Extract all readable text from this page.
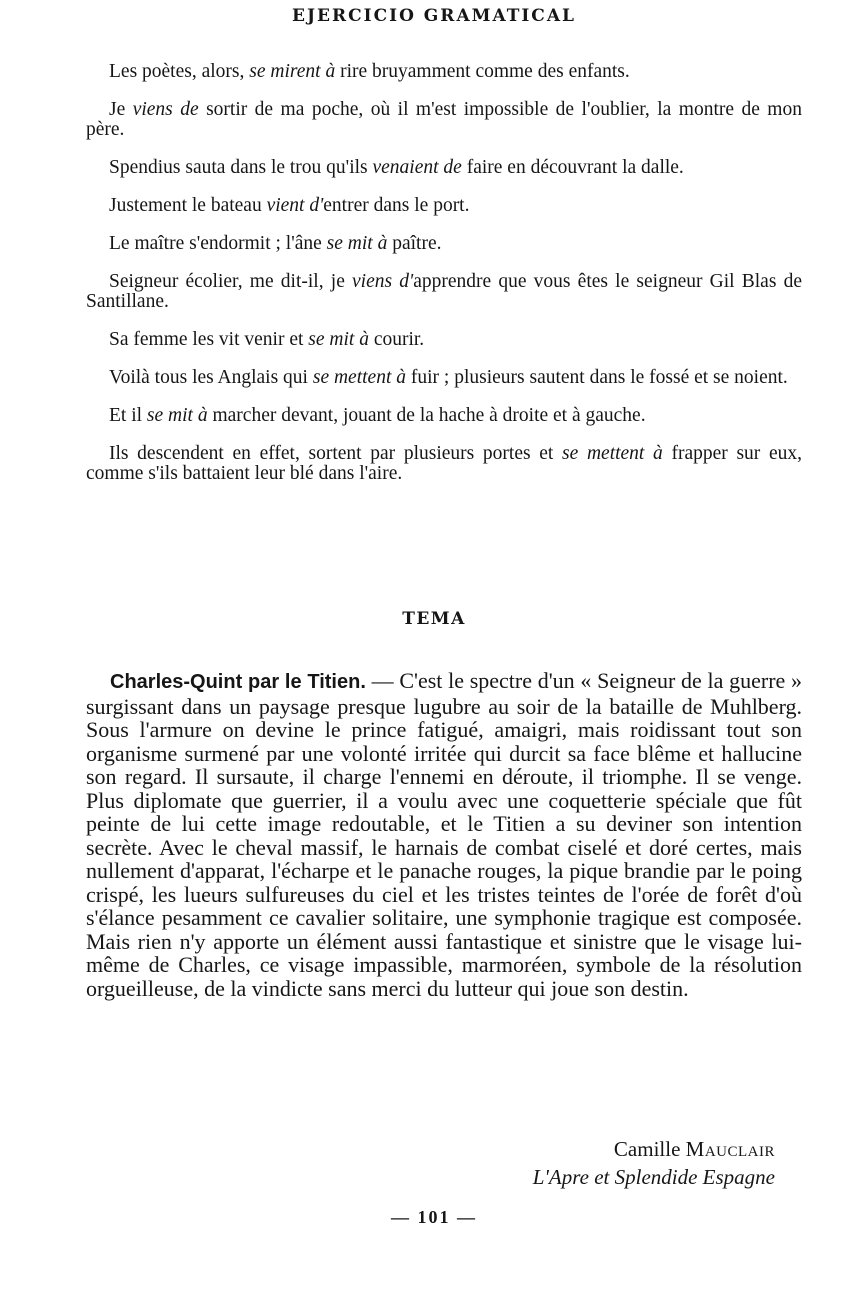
EJERCICIO GRAMATICAL

Les poètes, alors, se mirent à rire bruyamment comme des enfants.

Je viens de sortir de ma poche, où il m'est impossible de l'oublier, la montre de mon père.

Spendius sauta dans le trou qu'ils venaient de faire en découvrant la dalle.

Justement le bateau vient d'entrer dans le port.

Le maître s'endormit ; l'âne se mit à paître.

Seigneur écolier, me dit-il, je viens d'apprendre que vous êtes le seigneur Gil Blas de Santillane.

Sa femme les vit venir et se mit à courir.

Voilà tous les Anglais qui se mettent à fuir ; plusieurs sautent dans le fossé et se noient.

Et il se mit à marcher devant, jouant de la hache à droite et à gauche.

Ils descendent en effet, sortent par plusieurs portes et se mettent à frapper sur eux, comme s'ils battaient leur blé dans l'aire.

TEMA

Charles-Quint par le Titien. — C'est le spectre d'un « Seigneur de la guerre » surgissant dans un paysage presque lugubre au soir de la bataille de Muhlberg. Sous l'armure on devine le prince fatigué, amaigri, mais roidissant tout son organisme surmené par une volonté irritée qui durcit sa face blême et hallucine son regard. Il sursaute, il charge l'ennemi en déroute, il triomphe. Il se venge. Plus diplomate que guerrier, il a voulu avec une coquetterie spéciale que fût peinte de lui cette image redoutable, et le Titien a su deviner son intention secrète. Avec le cheval massif, le harnais de combat ciselé et doré certes, mais nullement d'apparat, l'écharpe et le panache rouges, la pique brandie par le poing crispé, les lueurs sulfureuses du ciel et les tristes teintes de l'orée de forêt d'où s'élance pesamment ce cavalier solitaire, une symphonie tragique est composée. Mais rien n'y apporte un élément aussi fantastique et sinistre que le visage lui-même de Charles, ce visage impassible, marmoréen, symbole de la résolution orgueilleuse, de la vindicte sans merci du lutteur qui joue son destin.

Camille Mauclair
L'Apre et Splendide Espagne
— 101 —
